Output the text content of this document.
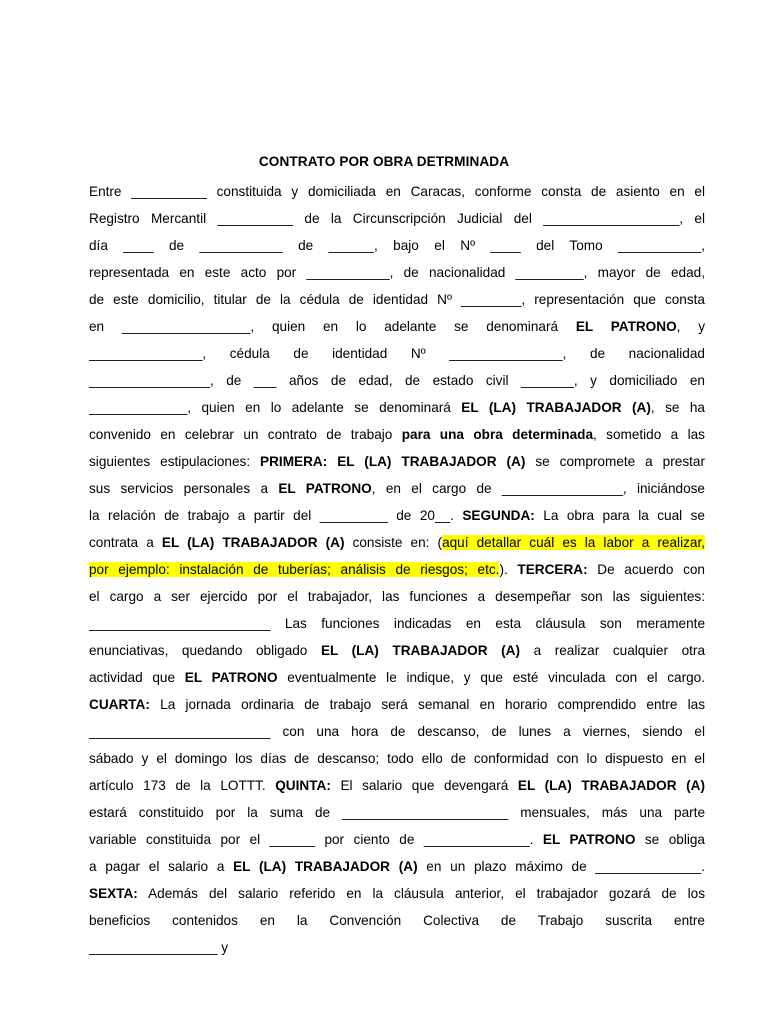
CONTRATO POR OBRA DETRMINADA
Entre __________ constituida y domiciliada en Caracas, conforme consta de asiento en el
Registro Mercantil __________ de la Circunscripción Judicial del __________________, el
día ____ de ___________ de ______, bajo el Nº ____ del Tomo ___________,
representada en este acto por ___________, de nacionalidad _________, mayor de edad,
de este domicilio, titular de la cédula de identidad Nº ________, representación que consta
en _________________, quien en lo adelante se denominará EL PATRONO, y
_______________, cédula de identidad Nº _______________, de nacionalidad
________________, de ___ años de edad, de estado civil _______, y domiciliado en
_____________, quien en lo adelante se denominará EL (LA) TRABAJADOR (A), se ha
convenido en celebrar un contrato de trabajo para una obra determinada, sometido a las
siguientes estipulaciones: PRIMERA: EL (LA) TRABAJADOR (A) se compromete a prestar
sus servicios personales a EL PATRONO, en el cargo de ________________, iniciándose
la relación de trabajo a partir del _________ de 20__. SEGUNDA: La obra para la cual se
contrata a EL (LA) TRABAJADOR (A) consiste en: (aquí detallar cuál es la labor a realizar,
por ejemplo: instalación de tuberías; análisis de riesgos; etc.). TERCERA: De acuerdo con
el cargo a ser ejercido por el trabajador, las funciones a desempeñar son las siguientes:
________________________ Las funciones indicadas en esta cláusula son meramente
enunciativas, quedando obligado EL (LA) TRABAJADOR (A) a realizar cualquier otra
actividad que EL PATRONO eventualmente le indique, y que esté vinculada con el cargo.
CUARTA: La jornada ordinaria de trabajo será semanal en horario comprendido entre las
________________________ con una hora de descanso, de lunes a viernes, siendo el
sábado y el domingo los días de descanso; todo ello de conformidad con lo dispuesto en el
artículo 173 de la LOTTT. QUINTA: El salario que devengará EL (LA) TRABAJADOR (A)
estará constituido por la suma de ______________________ mensuales, más una parte
variable constituida por el ______ por ciento de ______________. EL PATRONO se obliga
a pagar el salario a EL (LA) TRABAJADOR (A) en un plazo máximo de ______________.
SEXTA: Además del salario referido en la cláusula anterior, el trabajador gozará de los
beneficios contenidos en la Convención Colectiva de Trabajo suscrita entre
_________________ y
